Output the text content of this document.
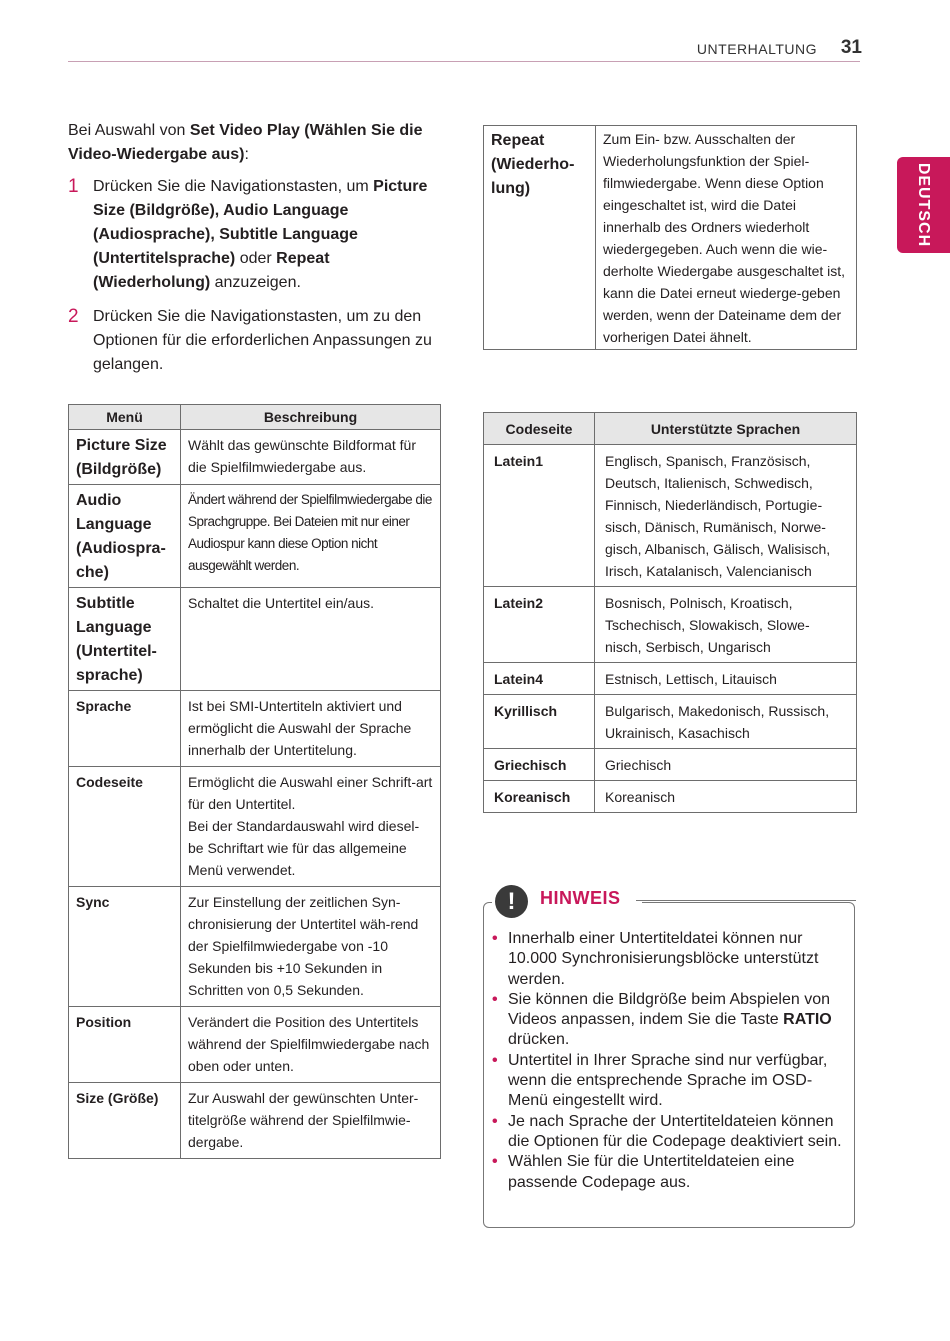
UNTERHALTUNG	31
DEUTSCH
Bei Auswahl von Set Video Play (Wählen Sie die Video-Wiedergabe aus):
1 Drücken Sie die Navigationstasten, um Picture Size (Bildgröße), Audio Language (Audiosprache), Subtitle Language (Untertitelsprache) oder Repeat (Wiederholung) anzuzeigen.
2 Drücken Sie die Navigationstasten, um zu den Optionen für die erforderlichen Anpassungen zu gelangen.
Menü	Beschreibung
Picture Size (Bildgröße)	Wählt das gewünschte Bildformat für die Spielfilmwiedergabe aus.
Audio Language (Audiospra-che)	Ändert während der Spielfilmwiedergabe die Sprachgruppe. Bei Dateien mit nur einer Audiospur kann diese Option nicht ausgewählt werden.
Subtitle Language (Untertitel-sprache)	Schaltet die Untertitel ein/aus.
Sprache	Ist bei SMI-Untertiteln aktiviert und ermöglicht die Auswahl der Sprache innerhalb der Untertitelung.
Codeseite	Ermöglicht die Auswahl einer Schrift-art für den Untertitel.
Bei der Standardauswahl wird diesel-be Schriftart wie für das allgemeine Menü verwendet.
Sync	Zur Einstellung der zeitlichen Syn-chronisierung der Untertitel wäh-rend der Spielfilmwiedergabe von -10 Sekunden bis +10 Sekunden in Schritten von 0,5 Sekunden.
Position	Verändert die Position des Untertitels während der Spielfilmwiedergabe nach oben oder unten.
Size (Größe)	Zur Auswahl der gewünschten Unter-titelgröße während der Spielfilmwie-dergabe.
Repeat (Wiederho-lung)	Zum Ein- bzw. Ausschalten der Wiederholungsfunktion der Spiel-filmwiedergabe. Wenn diese Option eingeschaltet ist, wird die Datei innerhalb des Ordners wiederholt wiedergegeben. Auch wenn die wie-derholte Wiedergabe ausgeschaltet ist, kann die Datei erneut wiederge-geben werden, wenn der Dateiname dem der vorherigen Datei ähnelt.
Codeseite	Unterstützte Sprachen
Latein1	Englisch, Spanisch, Französisch, Deutsch, Italienisch, Schwedisch, Finnisch, Niederländisch, Portugie-sisch, Dänisch, Rumänisch, Norwe-gisch, Albanisch, Gälisch, Walisisch, Irisch, Katalanisch, Valencianisch
Latein2	Bosnisch, Polnisch, Kroatisch, Tschechisch, Slowakisch, Slowe-nisch, Serbisch, Ungarisch
Latein4	Estnisch, Lettisch, Litauisch
Kyrillisch	Bulgarisch, Makedonisch, Russisch, Ukrainisch, Kasachisch
Griechisch	Griechisch
Koreanisch	Koreanisch
!	HINWEIS
• Innerhalb einer Untertiteldatei können nur 10.000 Synchronisierungsblöcke unterstützt werden.
• Sie können die Bildgröße beim Abspielen von Videos anpassen, indem Sie die Taste RATIO drücken.
• Untertitel in Ihrer Sprache sind nur verfügbar, wenn die entsprechende Sprache im OSD-Menü eingestellt wird.
• Je nach Sprache der Untertiteldateien können die Optionen für die Codepage deaktiviert sein.
• Wählen Sie für die Untertiteldateien eine passende Codepage aus.
